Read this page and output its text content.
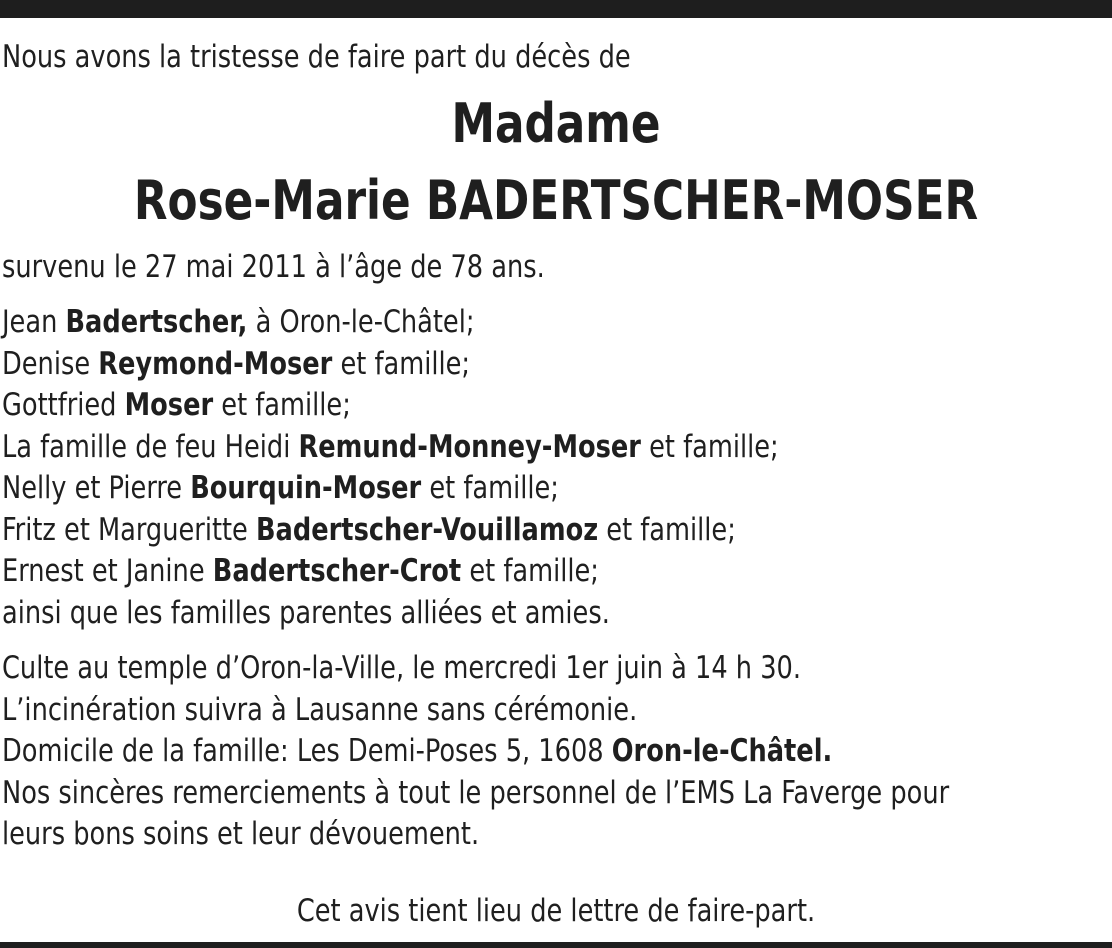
Nous avons la tristesse de faire part du décès de
Madame
Rose-Marie BADERTSCHER-MOSER
survenu le 27 mai 2011 à l’âge de 78 ans.
Jean Badertscher, à Oron-le-Châtel;
Denise Reymond-Moser et famille;
Gottfried Moser et famille;
La famille de feu Heidi Remund-Monney-Moser et famille;
Nelly et Pierre Bourquin-Moser et famille;
Fritz et Margueritte Badertscher-Vouillamoz et famille;
Ernest et Janine Badertscher-Crot et famille;
ainsi que les familles parentes alliées et amies.
Culte au temple d’Oron-la-Ville, le mercredi 1er juin à 14 h 30.
L’incinération suivra à Lausanne sans cérémonie.
Domicile de la famille: Les Demi-Poses 5, 1608 Oron-le-Châtel.
Nos sincères remerciements à tout le personnel de l’EMS La Faverge pour
leurs bons soins et leur dévouement.
Cet avis tient lieu de lettre de faire-part.
